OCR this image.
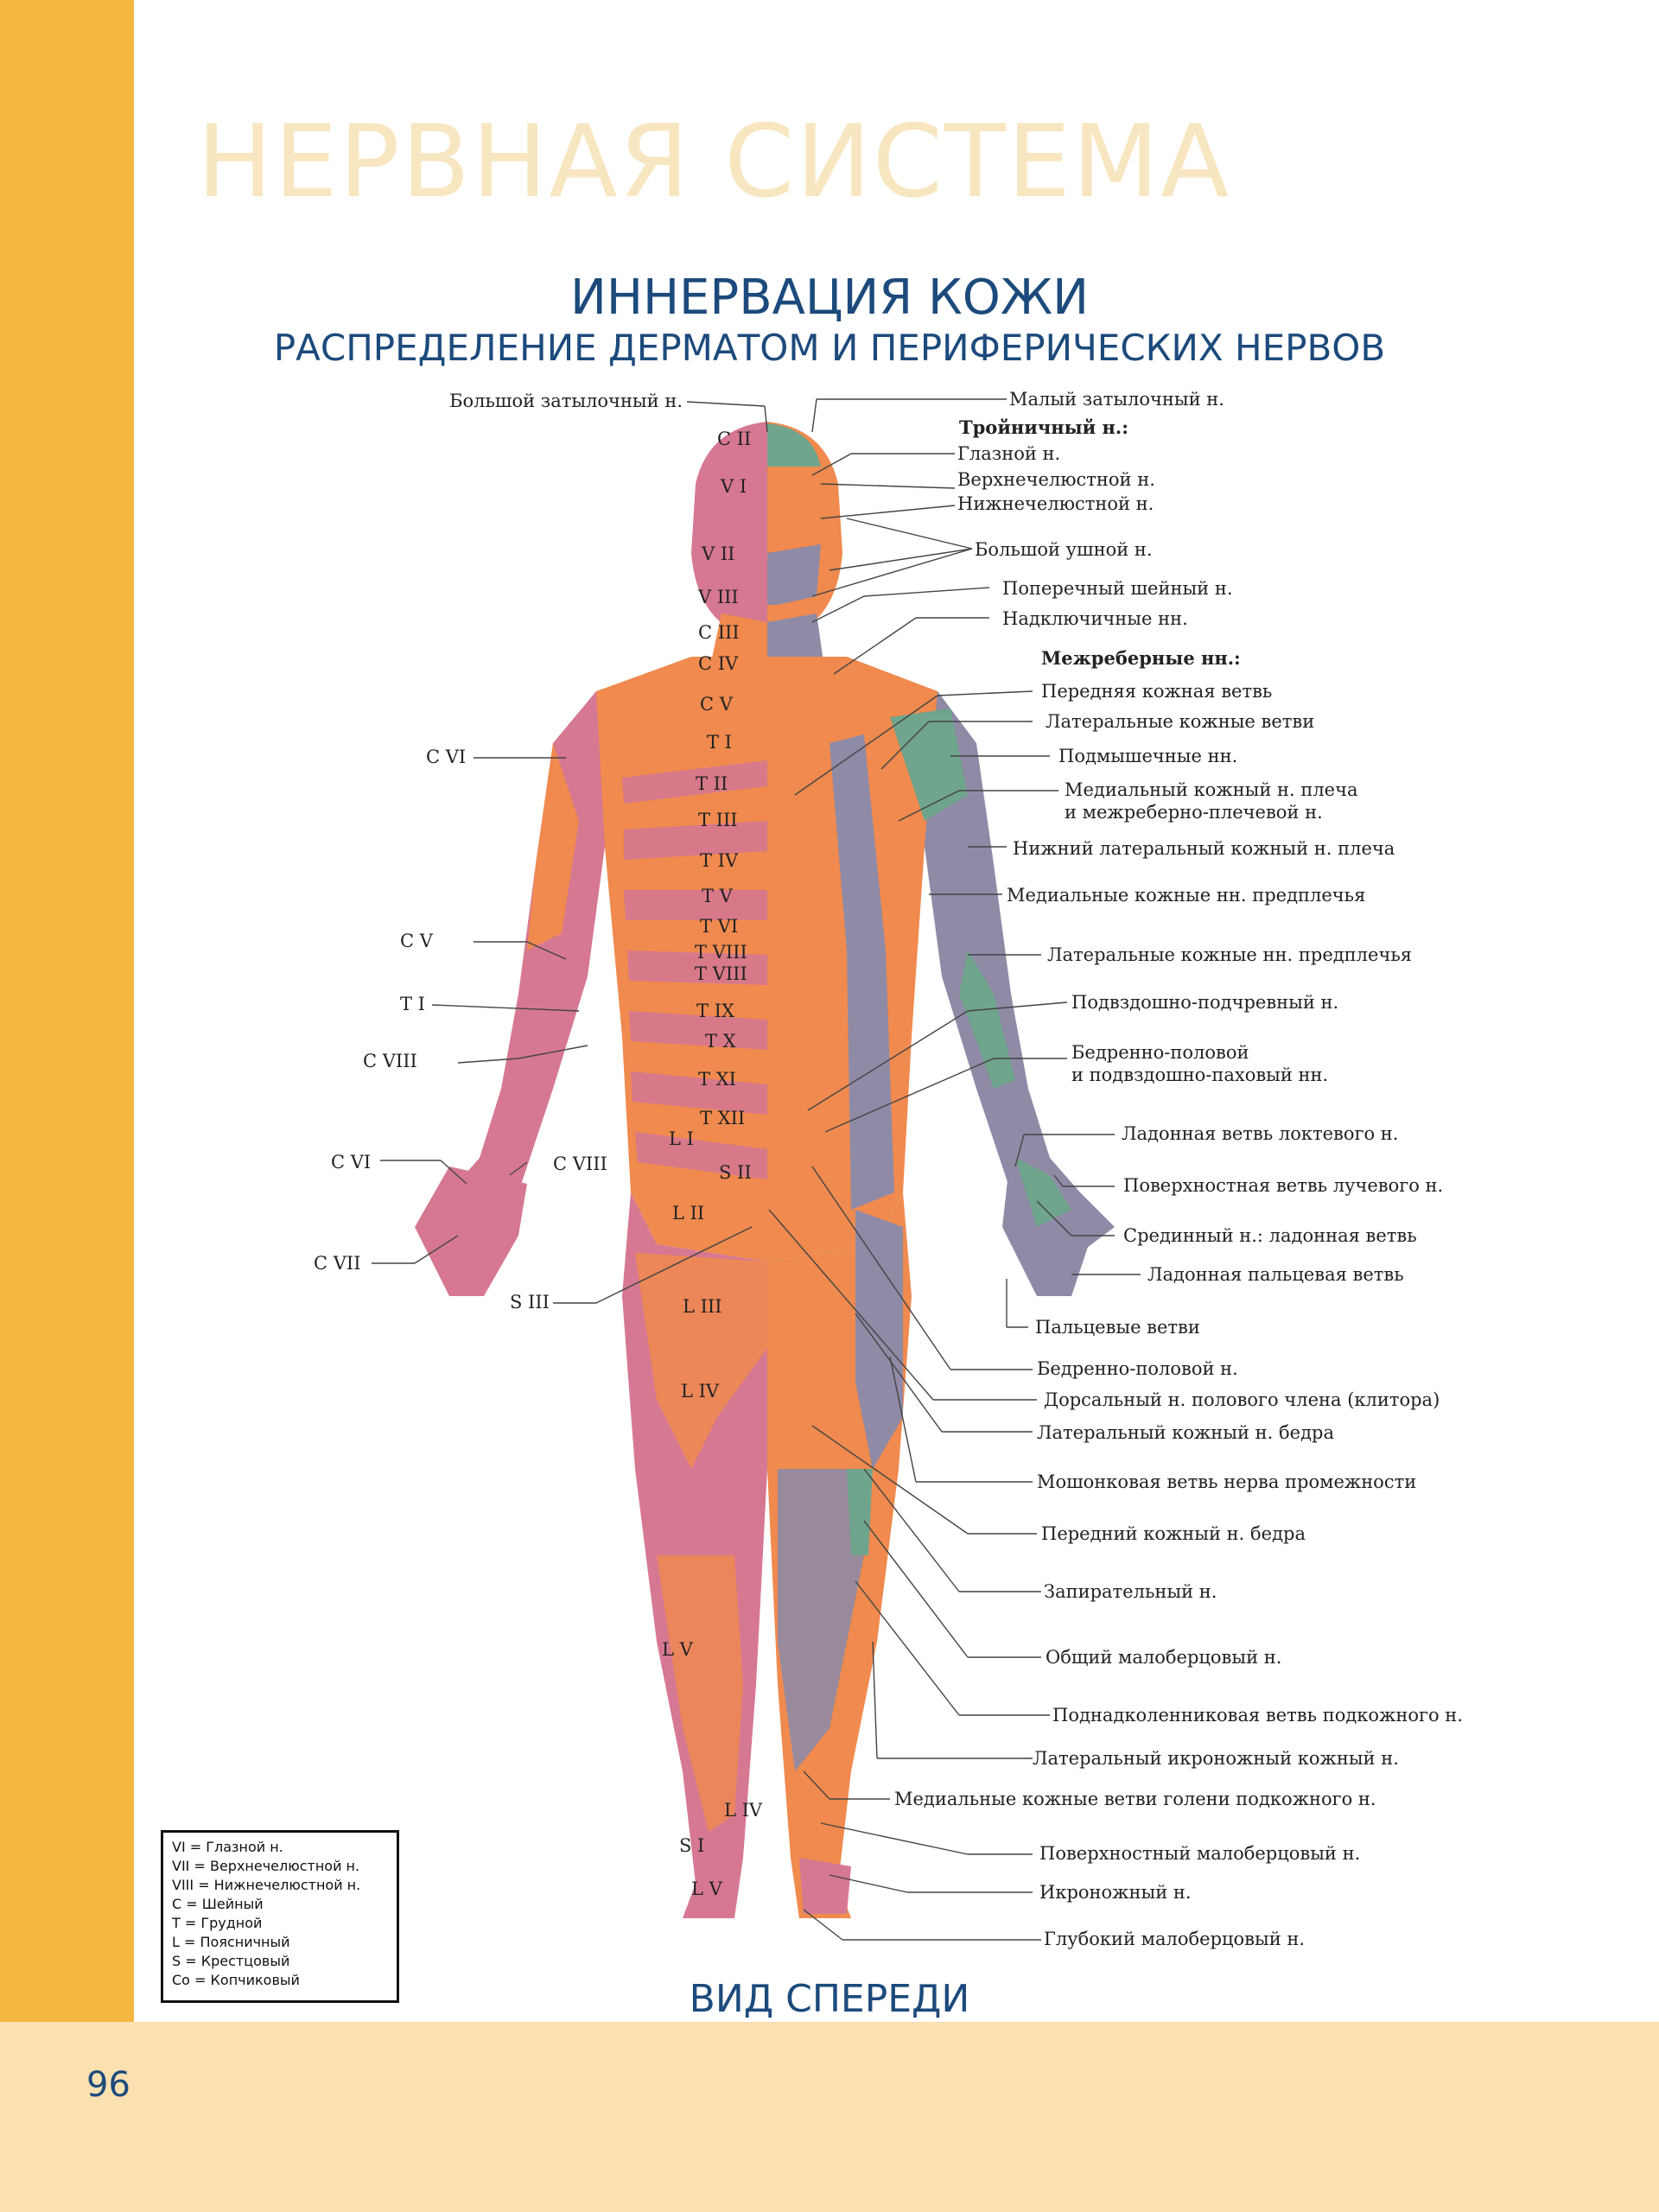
96
НЕРВНАЯ СИСТЕМА
ИННЕРВАЦИЯ КОЖИ
РАСПРЕДЕЛЕНИЕ ДЕРМАТОМ И ПЕРИФЕРИЧЕСКИХ НЕРВОВ
Большой затылочный н.	Малый затылочный н.
Тройничный н.:
Глазной н.
Верхнечелюстной н.
Нижнечелюстной н.
Большой ушной н.
Поперечный шейный н.
Надключичные нн.
Межреберные нн.:
Передняя кожная ветвь
Латеральные кожные ветви
Подмышечные нн.
Медиальный кожный н. плеча
и межреберно-плечевой н.
Нижний латеральный кожный н. плеча
Медиальные кожные нн. предплечья
Латеральные кожные нн. предплечья
Подвздошно-подчревный н.
Бедренно-половой
и подвздошно-паховый нн.
Ладонная ветвь локтевого н.
Поверхностная ветвь лучевого н.
Срединный н.: ладонная ветвь
Ладонная пальцевая ветвь
Пальцевые ветви
Бедренно-половой н.
Дорсальный н. полового члена (клитора)
Латеральный кожный н. бедра
Мошонковая ветвь нерва промежности
Передний кожный н. бедра
Запирательный н.
Общий малоберцовый н.
Поднадколенниковая ветвь подкожного н.
Латеральный икроножный кожный н.
Медиальные кожные ветви голени подкожного н.
Поверхностный малоберцовый н.
Икроножный н.
Глубокий малоберцовый н.
C II
V I
V II
V III
C III
C IV
C V
T I
T II
T III
T IV
T V
T VI
T VIII
T VIII
T IX
T X
T XI
T XII
L I
S II
L II
L III
L IV
L V
L IV
S I
L V
C VI
C V
T I
C VIII
C VI	C VIII
C VII
S III
VI = Глазной н.
VII = Верхнечелюстной н.
VIII = Нижнечелюстной н.
C = Шейный
T = Грудной
L = Поясничный
S = Крестцовый
Co = Копчиковый	ВИД СПЕРЕДИ
